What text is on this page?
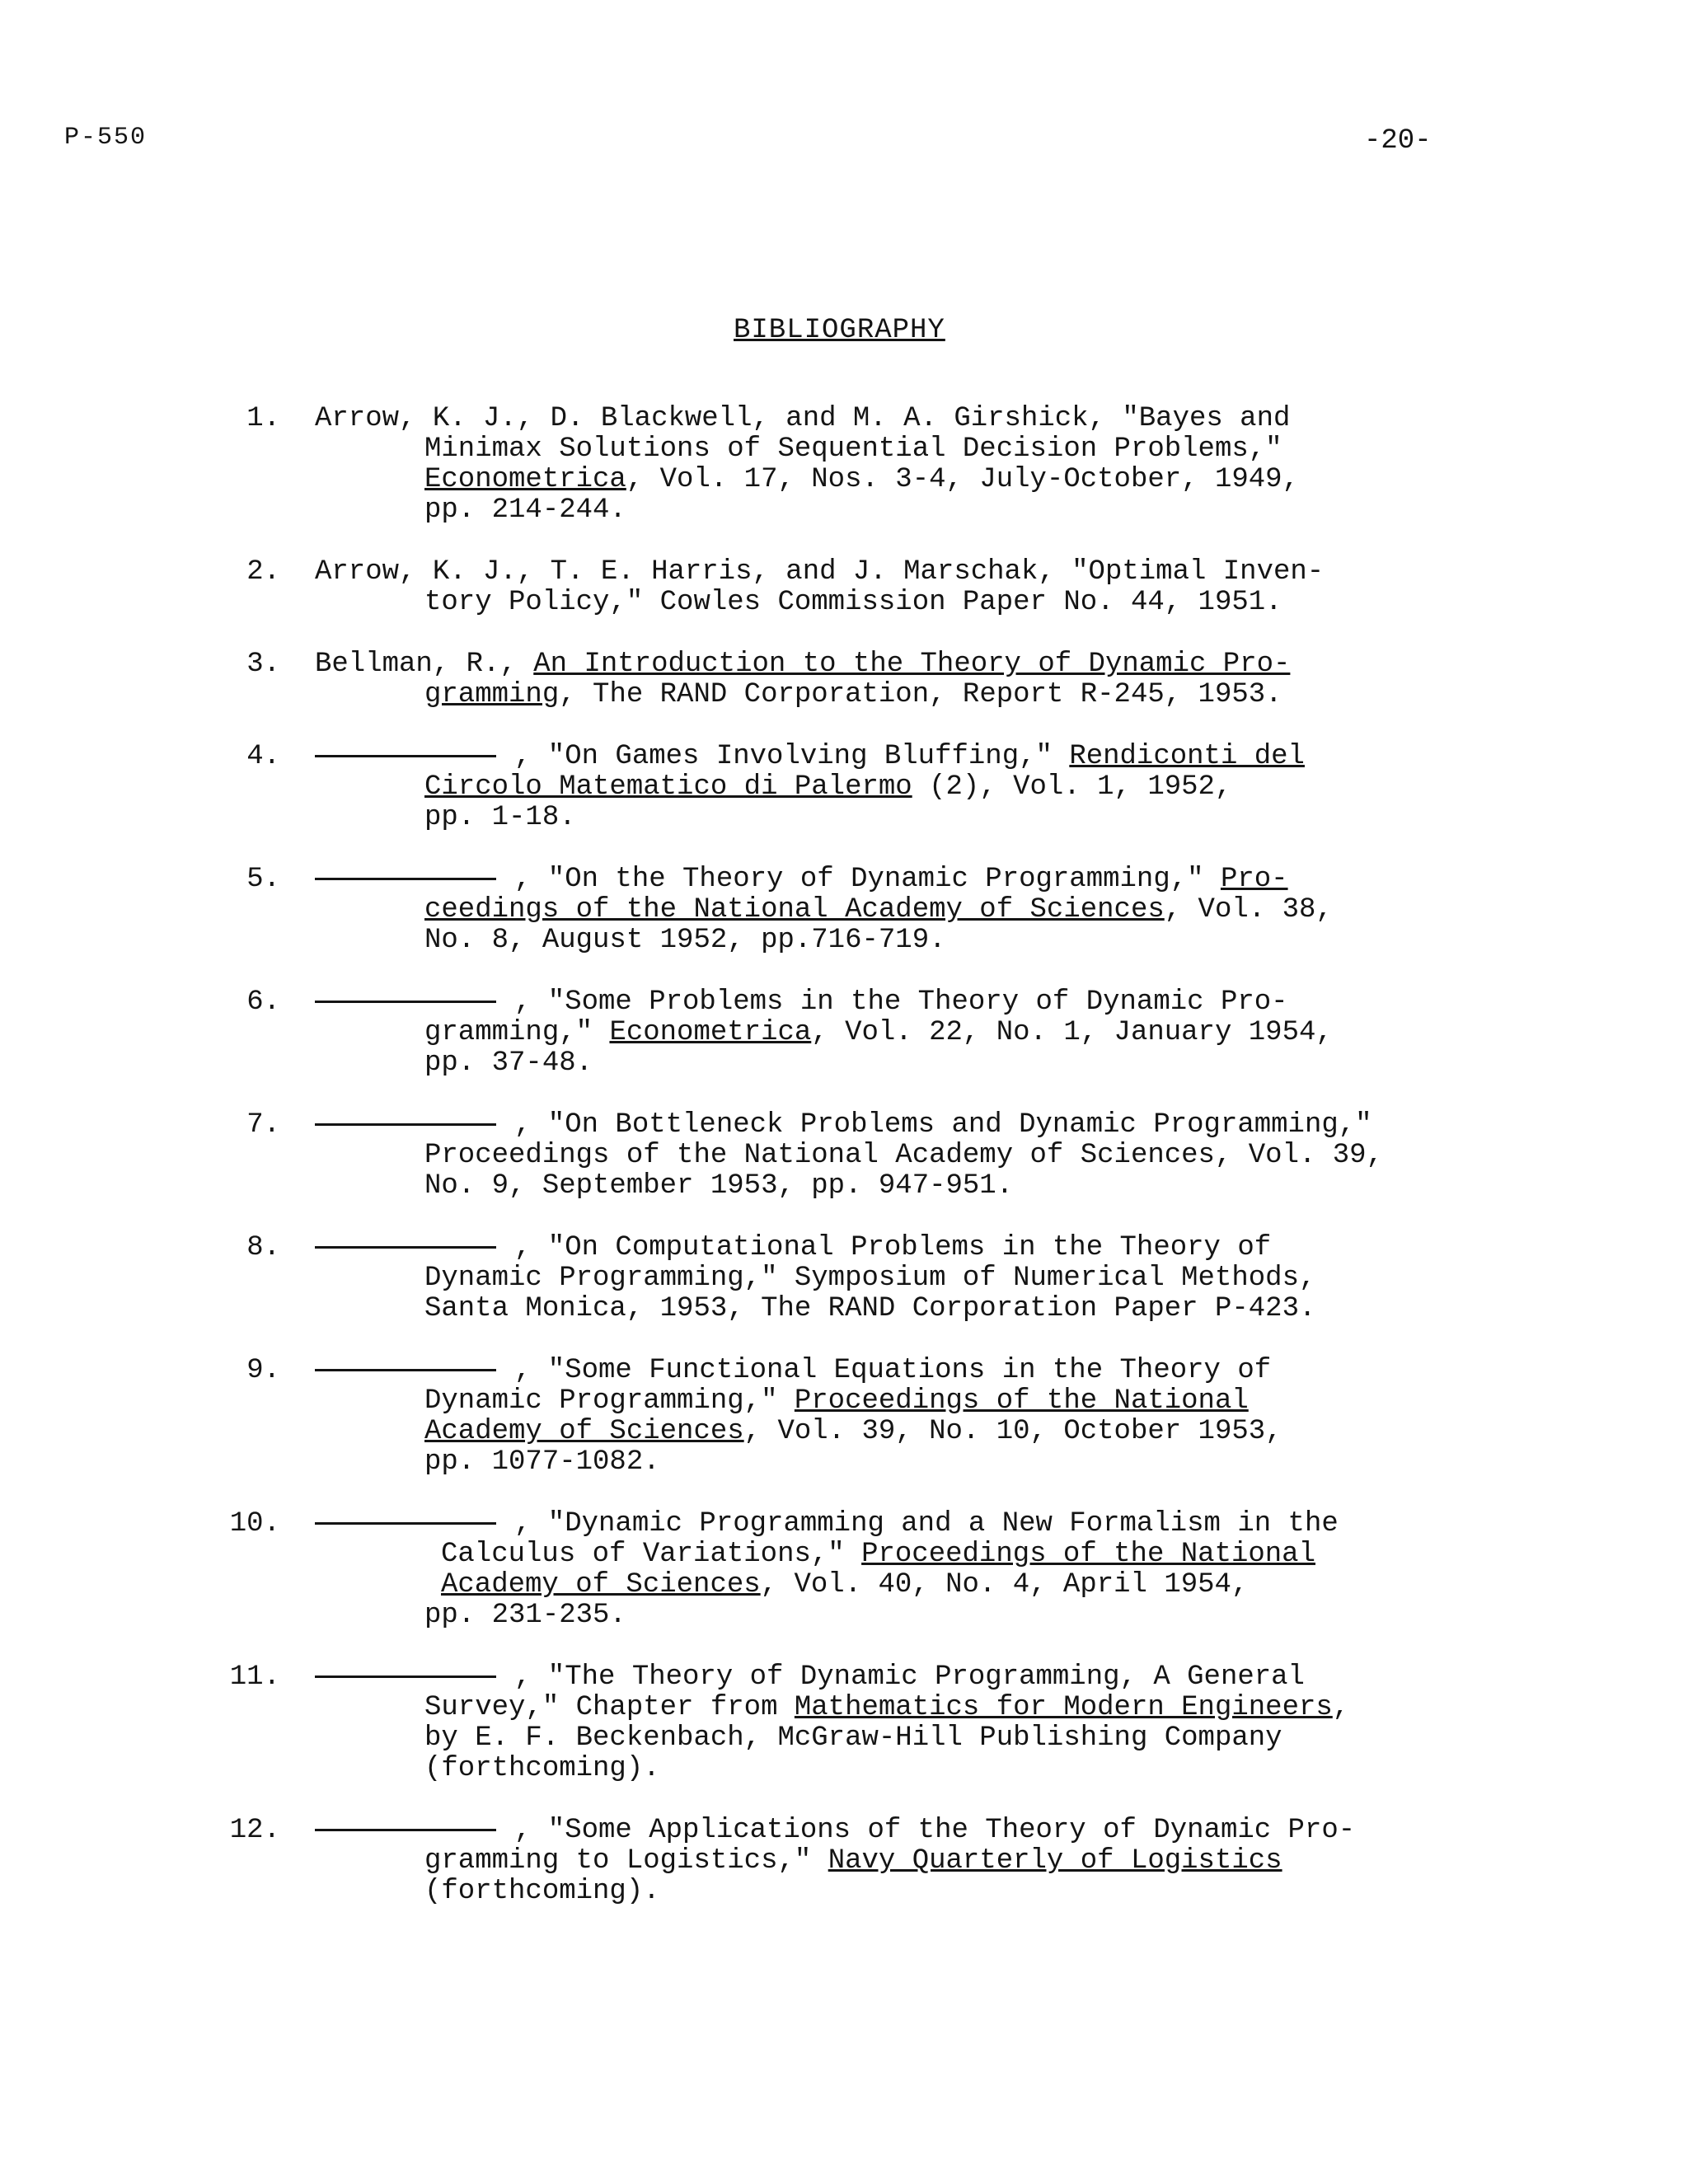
P-550	-20-
BIBLIOGRAPHY
1.	Arrow, K. J., D. Blackwell, and M. A. Girshick, "Bayes and
Minimax Solutions of Sequential Decision Problems,"
Econometrica, Vol. 17, Nos. 3-4, July-October, 1949,
pp. 214-244.
2.	Arrow, K. J., T. E. Harris, and J. Marschak, "Optimal Inven-
tory Policy," Cowles Commission Paper No. 44, 1951.
3.	Bellman, R., An Introduction to the Theory of Dynamic Pro-
gramming, The RAND Corporation, Report R-245, 1953.
4.	, "On Games Involving Bluffing," Rendiconti del
Circolo Matematico di Palermo (2), Vol. 1, 1952,
pp. 1-18.
5.	, "On the Theory of Dynamic Programming," Pro-
ceedings of the National Academy of Sciences, Vol. 38,
No. 8, August 1952, pp.716-719.
6.	, "Some Problems in the Theory of Dynamic Pro-
gramming," Econometrica, Vol. 22, No. 1, January 1954,
pp. 37-48.
7.	, "On Bottleneck Problems and Dynamic Programming,"
Proceedings of the National Academy of Sciences, Vol. 39,
No. 9, September 1953, pp. 947-951.
8.	, "On Computational Problems in the Theory of
Dynamic Programming," Symposium of Numerical Methods,
Santa Monica, 1953, The RAND Corporation Paper P-423.
9.	, "Some Functional Equations in the Theory of
Dynamic Programming," Proceedings of the National
Academy of Sciences, Vol. 39, No. 10, October 1953,
pp. 1077-1082.
10.	, "Dynamic Programming and a New Formalism in the
Calculus of Variations," Proceedings of the National
Academy of Sciences, Vol. 40, No. 4, April 1954,
pp. 231-235.
11.	, "The Theory of Dynamic Programming, A General
Survey," Chapter from Mathematics for Modern Engineers,
by E. F. Beckenbach, McGraw-Hill Publishing Company
(forthcoming).
12.	, "Some Applications of the Theory of Dynamic Pro-
gramming to Logistics," Navy Quarterly of Logistics
(forthcoming).
